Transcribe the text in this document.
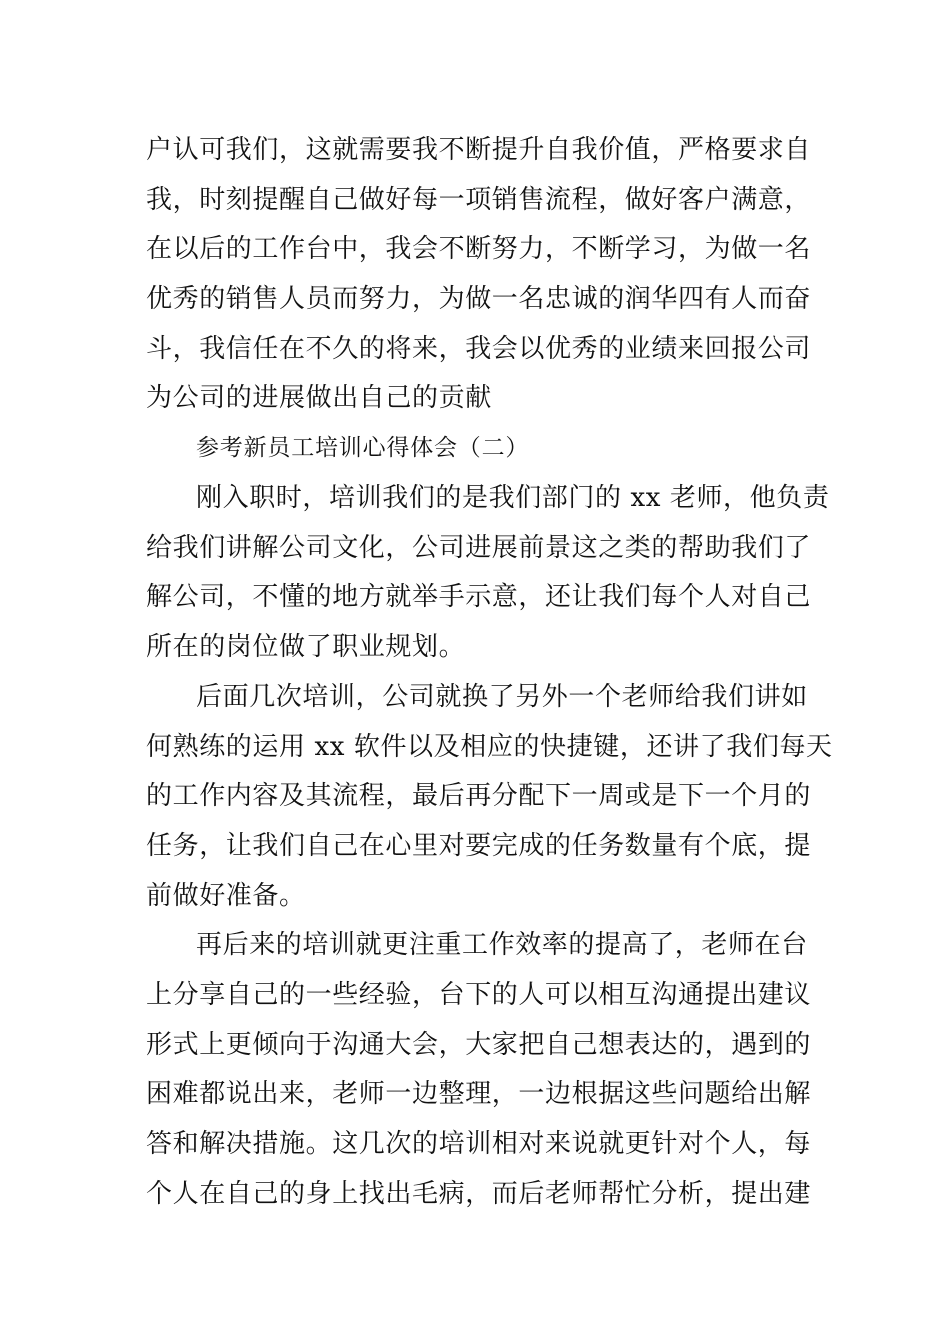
户认可我们，这就需要我不断提升自我价值，严格要求自
我，时刻提醒自己做好每一项销售流程，做好客户满意，
在以后的工作台中，我会不断努力，不断学习，为做一名
优秀的销售人员而努力，为做一名忠诚的润华四有人而奋
斗，我信任在不久的将来，我会以优秀的业绩来回报公司
为公司的进展做出自己的贡献
参考新员工培训心得体会（二）
刚入职时，培训我们的是我们部门的 xx 老师，他负责
给我们讲解公司文化，公司进展前景这之类的帮助我们了
解公司，不懂的地方就举手示意，还让我们每个人对自己
所在的岗位做了职业规划。
后面几次培训，公司就换了另外一个老师给我们讲如
何熟练的运用 xx 软件以及相应的快捷键，还讲了我们每天
的工作内容及其流程，最后再分配下一周或是下一个月的
任务，让我们自己在心里对要完成的任务数量有个底，提
前做好准备。
再后来的培训就更注重工作效率的提高了，老师在台
上分享自己的一些经验，台下的人可以相互沟通提出建议
形式上更倾向于沟通大会，大家把自己想表达的，遇到的
困难都说出来，老师一边整理，一边根据这些问题给出解
答和解决措施。这几次的培训相对来说就更针对个人，每
个人在自己的身上找出毛病，而后老师帮忙分析，提出建
